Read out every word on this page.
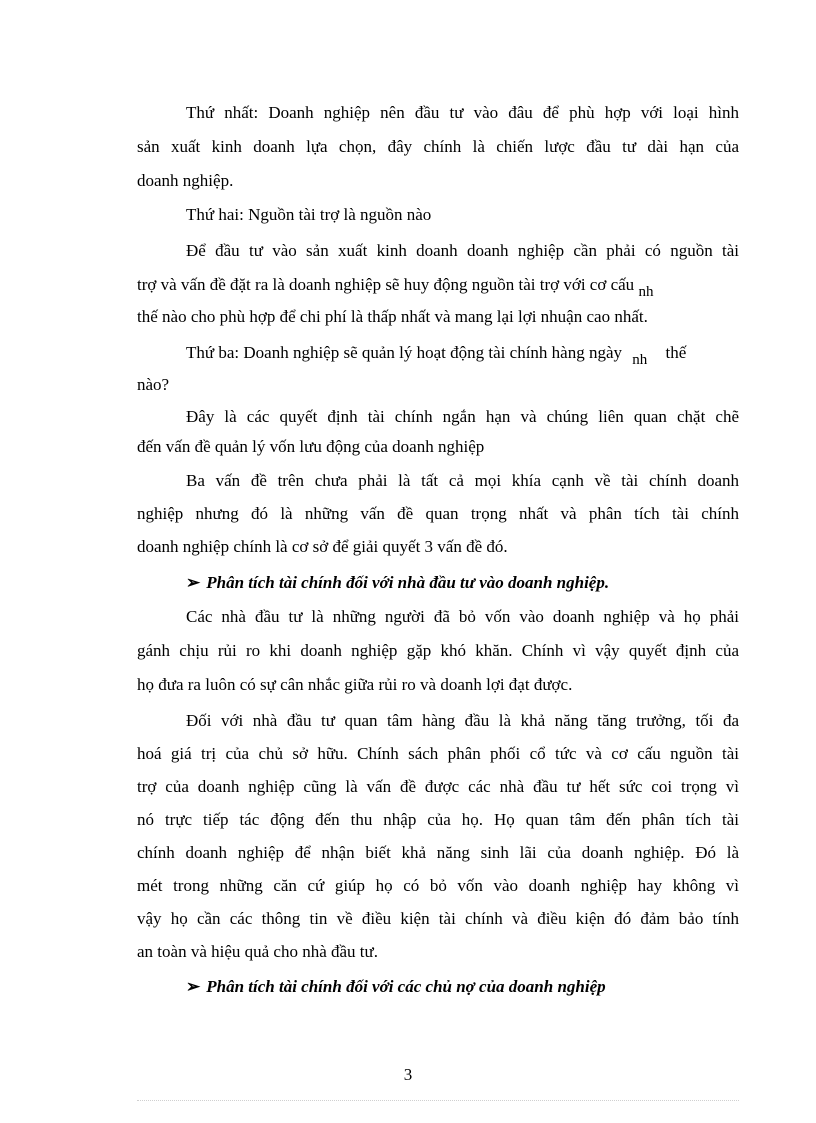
Thứ nhất: Doanh nghiệp nên đầu tư vào đâu để phù hợp với loại hình
sản xuất kinh doanh lựa chọn, đây chính là chiến lược đầu tư dài hạn của
doanh nghiệp.
Thứ hai: Nguồn tài trợ là nguồn nào
Để đầu tư vào sản xuất kinh doanh doanh nghiệp cần phải có nguồn tài
trợ và vấn đề đặt ra là doanh nghiệp sẽ huy động nguồn tài trợ với cơ cấu nh
thế nào cho phù hợp để chi phí là thấp nhất và mang lại lợi nhuận cao nhất.
Thứ ba: Doanh nghiệp sẽ quản lý hoạt động tài chính hàng ngày nh thế
nào?
Đây là các quyết định tài chính ngắn hạn và chúng liên quan chặt chẽ
đến vấn đề quản lý vốn lưu động của doanh nghiệp
Ba vấn đề trên chưa phải là tất cả mọi khía cạnh về tài chính doanh
nghiệp nhưng đó là những vấn đề quan trọng nhất và phân tích tài chính
doanh nghiệp chính là cơ sở để giải quyết 3 vấn đề đó.
➢ Phân tích tài chính đối với nhà đầu tư vào doanh nghiệp.
Các nhà đầu tư là những người đã bỏ vốn vào doanh nghiệp và họ phải
gánh chịu rủi ro khi doanh nghiệp gặp khó khăn. Chính vì vậy quyết định của
họ đưa ra luôn có sự cân nhắc giữa rủi ro và doanh lợi đạt được.
Đối với nhà đầu tư quan tâm hàng đầu là khả năng tăng trưởng, tối đa
hoá giá trị của chủ sở hữu. Chính sách phân phối cổ tức và cơ cấu nguồn tài
trợ của doanh nghiệp cũng là vấn đề được các nhà đầu tư hết sức coi trọng vì
nó trực tiếp tác động đến thu nhập của họ. Họ quan tâm đến phân tích tài
chính doanh nghiệp để nhận biết khả năng sinh lãi của doanh nghiệp. Đó là
mét trong những căn cứ giúp họ có bỏ vốn vào doanh nghiệp hay không vì
vậy họ cần các thông tin về điều kiện tài chính và điều kiện đó đảm bảo tính
an toàn và hiệu quả cho nhà đầu tư.
➢ Phân tích tài chính đối với các chủ nợ của doanh nghiệp
3
